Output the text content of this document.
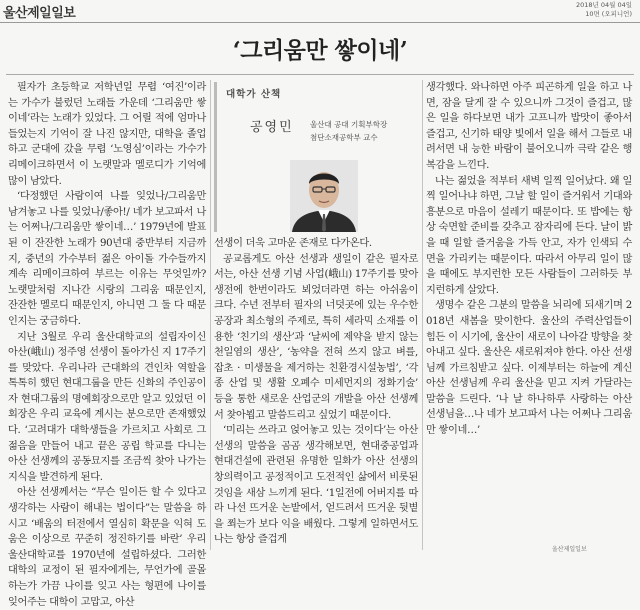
울산제일일보
2018년 04월 04일
10면 (오피니언)
‘그리움만 쌓이네’

필자가 초등학교 저학년일 무렵 ‘여진’이라는 가수가 불렀던 노래들 가운데 ‘그리움만 쌓이네’라는 노래가 있었다. 그 어릴 적에 엄마나 들었는지 기억이 잘 나진 않지만, 대학을 졸업하고 군대에 갔을 무렵 ‘노영심’이라는 가수가 리메이크하면서 이 노랫말과 멜로디가 기억에 많이 남았다.

‘다정했던 사람이여 나를 잊었나/그리움만 남겨놓고 나를 잊었나/좋아!/ 네가 보고파서 나는 어쩌나/그리움만 쌓이네…’ 1979년에 발표된 이 잔잔한 노래가 90년대 중반부터 지금까지, 중년의 가수부터 젊은 아이돌 가수들까지 계속 리메이크하여 부르는 이유는 무엇일까? 노랫말처럼 지나간 시랑의 그리움 때문인지, 잔잔한 멜로디 때문인지, 아니면 그 둘 다 때문인지는 궁금하다.

지난 3월로 우리 울산대학교의 설립자이신 아산(峨山) 정주영 선생이 돌아가신 지 17주기를 맞았다. 우리나라 근대화의 견인차 역할을 톡톡히 했던 현대그룹을 만든 신화의 주인공이자 현대그룹의 명예회장으로만 알고 있었던 이 회장은 우리 교육에 계시는 분으로만 존재했었다. ‘고려대가 대학생들을 가르치고 사회로 그 젊음을 만들어 내고 끝은 공립 학교를 다니는 아산 선생께의 공동묘지를 조금씩 찾아 나가는 지식을 발견하게 된다.

아산 선생께서는 “무슨 일이든 할 수 있다고 생각하는 사람이 해내는 법이다”는 말씀을 하시고 ‘배움의 터전에서 열심히 확문을 익혀 도움은 이상으로 꾸준히 정진하기를 바란’ 우리 울산대학교를 1970년에 설립하셨다. 그러한 대학의 교정이 된 필자에게는, 무언가에 골몰하는가 가끔 나이를 잊고 사는 형편에 나이를 잊어주는 대학이 고맙고, 아산

대학가 산책
공영민 울산대 공대 기획부학장
첨단소재공학부 교수

선생이 더욱 고마운 존재로 다가온다.

공교롭게도 아산 선생과 생일이 같은 필자로서는, 아산 선생 기념 사업(峨山) 17주기를 맞아 생전에 한번이라도 뵈었더라면 하는 아쉬움이 크다. 수년 전부터 필자의 너덧곳에 있는 우수한 공장과 최소형의 주제로, 특히 세라믹 소재를 이용한 ‘친기의 생산’과 ‘날씨에 제약을 받지 않는 천일염의 생산’, ‘농약을 전혀 쓰지 않고 벼를, 잡초 · 미생물을 제거하는 친환경시설농법’, ‘각종 산업 및 생활 오폐수 미세먼지의 정화기술’ 등을 통한 새로운 산업군의 개발을 아산 선생께서 찾아뵙고 말씀드리고 싶었기 때문이다.

‘미리는 쓰라고 얹어놓고 있는 것이다’는 아산 선생의 말씀을 곰곰 생각해보면, 현대중공업과 현대건설에 관련된 유명한 일화가 아산 선생의 창의력이고 공정적이고 도전적인 삶에서 비롯된 것임을 새삼 느끼게 된다. ‘1일전에 어버지를 따라 나선 뜨거운 논밭에서, 얻드려서 뜨거운 뒷볕을 쬐는가 보다 익을 배웠다. 그렇게 일하면서도 나는 항상 즐겁게

생각했다. 와나하면 아주 피곤하게 일을 하고 나면, 잠을 달게 잘 수 있으니까 그것이 즐겁고, 많은 일을 하다보면 내가 고프니까 밥맛이 좋아서 즐겁고, 신기하 태양 빛에서 일을 해서 그들로 내려서면 내 능한 바람이 불어오니까 극락 같은 행복감을 느낀다.

나는 젊었을 적부터 새벽 일찍 일어났다. 왜 일찍 일어나냐 하면, 그날 할 일이 즐거워서 기대와 흥분으로 마음이 설레기 때문이다. 또 밥에는 항상 숙면할 준비를 갖추고 잠자리에 든다. 날이 밝을 때 일할 즐거움을 가득 안고, 자가 인색되 수면을 가리키는 때문이다. 따라서 아무리 일이 많을 때에도 부지런한 모든 사람들이 그러하듯 부지런하게 살았다.

생명수 같은 그분의 말씀을 뇌리에 되새기며 2018년 새봄을 맞이한다. 울산의 주력산업들이 힘든 이 시기에, 울산이 새로이 나아갈 방향을 찾아내고 싶다. 울산은 새로워져야 한다. 아산 선생님께 가르침받고 싶다. 이제부터는 하늘에 계신 아산 선생님께 우리 울산을 믿고 지켜 가달라는 말씀을 드린다. ‘나 날 하나하루 사랑하는 아산 선생님을…나 네가 보고파서 나는 어쩌나 그리움만 쌓이네…’

울산제일일보
